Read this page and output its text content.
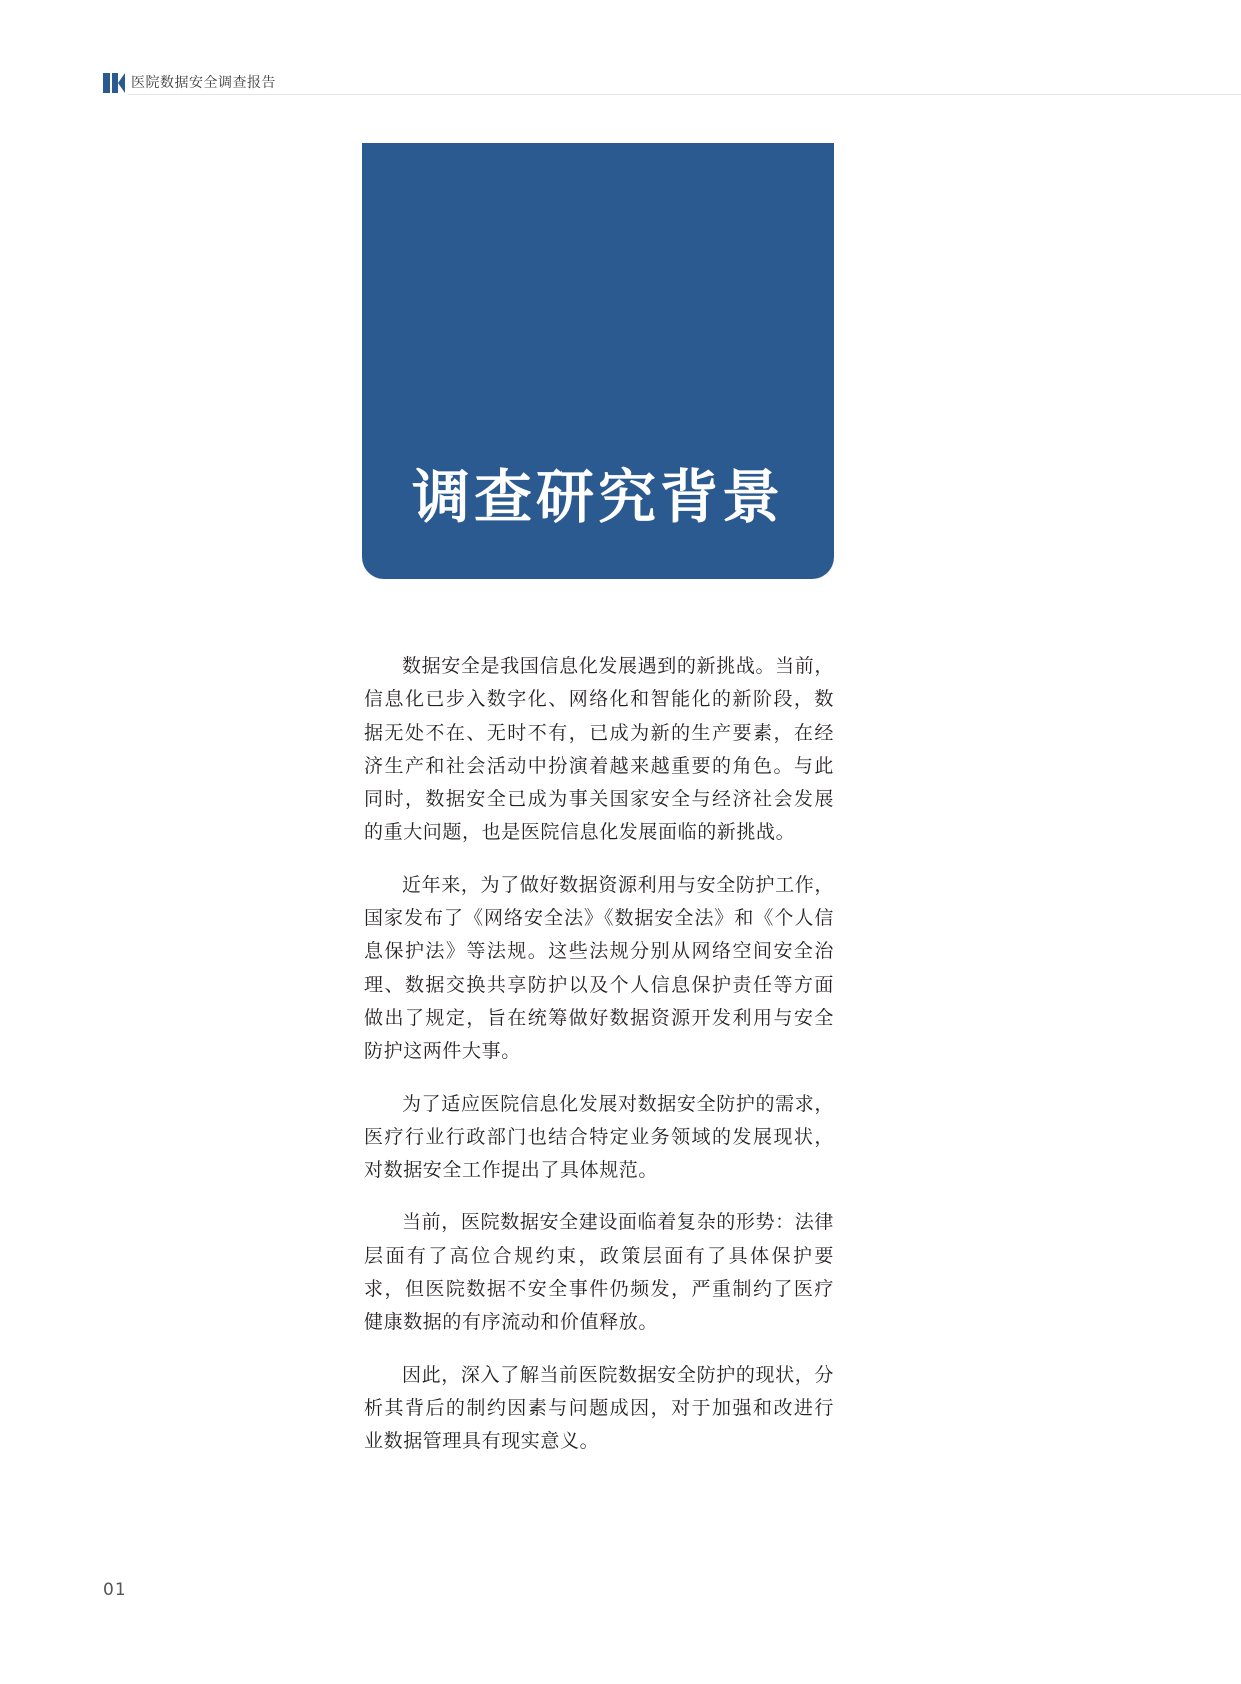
医院数据安全调查报告
调查研究背景

数据安全是我国信息化发展遇到的新挑战。当前，信息化已步入数字化、网络化和智能化的新阶段，数据无处不在、无时不有，已成为新的生产要素，在经济生产和社会活动中扮演着越来越重要的角色。与此同时，数据安全已成为事关国家安全与经济社会发展的重大问题，也是医院信息化发展面临的新挑战。

近年来，为了做好数据资源利用与安全防护工作，国家发布了《网络安全法》《数据安全法》和《个人信息保护法》等法规。这些法规分别从网络空间安全治理、数据交换共享防护以及个人信息保护责任等方面做出了规定，旨在统筹做好数据资源开发利用与安全防护这两件大事。

为了适应医院信息化发展对数据安全防护的需求，医疗行业行政部门也结合特定业务领域的发展现状，对数据安全工作提出了具体规范。

当前，医院数据安全建设面临着复杂的形势：法律层面有了高位合规约束，政策层面有了具体保护要求，但医院数据不安全事件仍频发，严重制约了医疗健康数据的有序流动和价值释放。

因此，深入了解当前医院数据安全防护的现状，分析其背后的制约因素与问题成因，对于加强和改进行业数据管理具有现实意义。

01
